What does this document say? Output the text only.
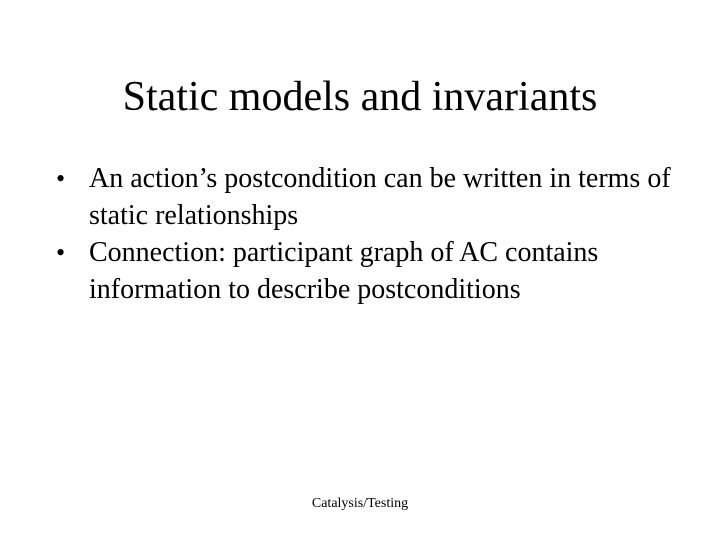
Static models and invariants
• An action’s postcondition can be written in terms of static relationships
• Connection: participant graph of AC contains information to describe postconditions
Catalysis/Testing
